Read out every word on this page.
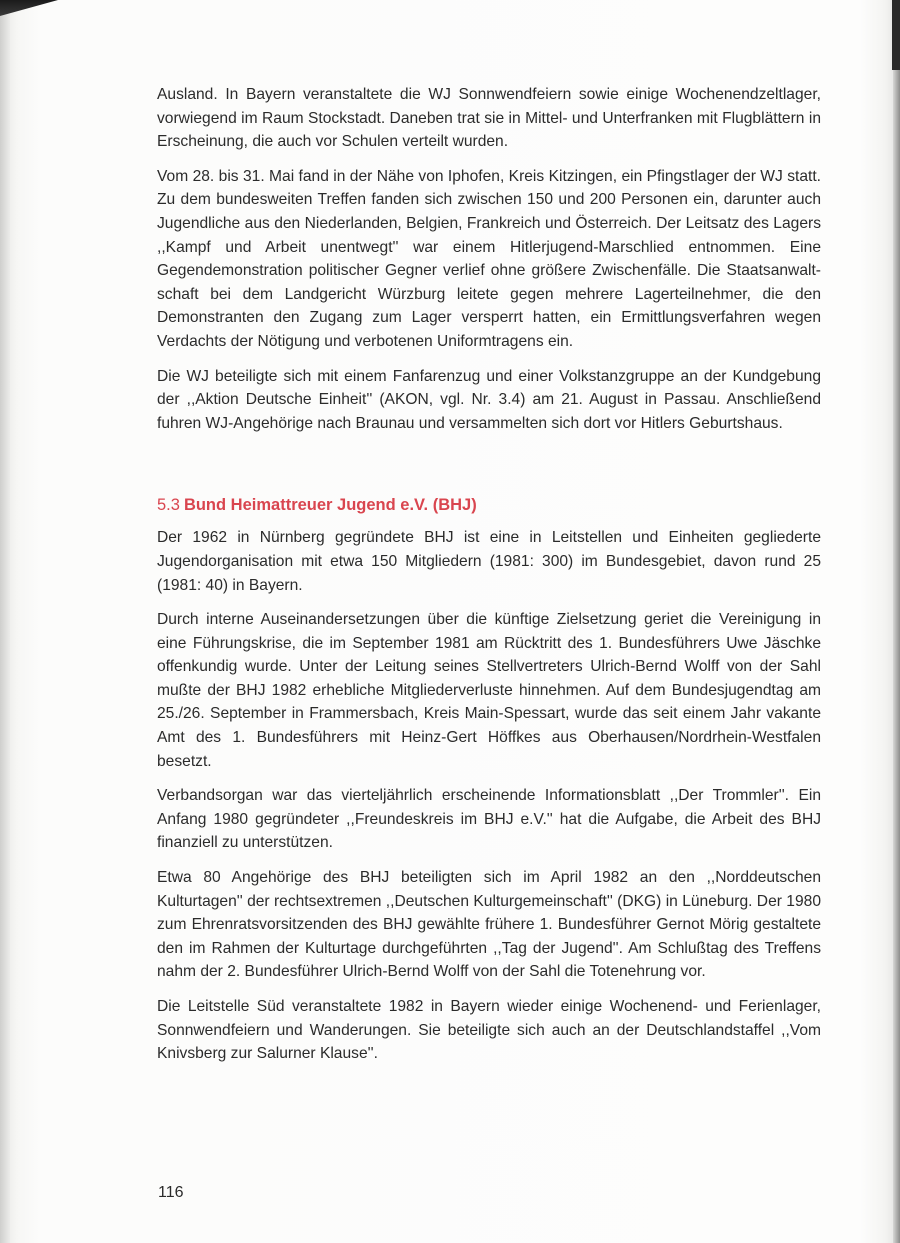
Ausland. In Bayern veranstaltete die WJ Sonnwendfeiern sowie einige Wochenendzeltlager, vorwiegend im Raum Stockstadt. Daneben trat sie in Mittel- und Unterfranken mit Flugblättern in Erscheinung, die auch vor Schulen verteilt wurden.

Vom 28. bis 31. Mai fand in der Nähe von Iphofen, Kreis Kitzingen, ein Pfingstlager der WJ statt. Zu dem bundesweiten Treffen fanden sich zwischen 150 und 200 Personen ein, darunter auch Jugendliche aus den Niederlanden, Belgien, Frankreich und Österreich. Der Leitsatz des Lagers ,,Kampf und Arbeit unentwegt'' war einem Hitlerjugend-Marschlied entnommen. Eine Gegendemonstration politischer Gegner verlief ohne größere Zwischenfälle. Die Staatsanwaltschaft bei dem Landgericht Würzburg leitete gegen mehrere Lagerteilnehmer, die den Demonstranten den Zugang zum Lager versperrt hatten, ein Ermittlungsverfahren wegen Verdachts der Nötigung und verbotenen Uniformtragens ein.

Die WJ beteiligte sich mit einem Fanfarenzug und einer Volkstanzgruppe an der Kundgebung der ,,Aktion Deutsche Einheit'' (AKON, vgl. Nr. 3.4) am 21. August in Passau. Anschließend fuhren WJ-Angehörige nach Braunau und versammelten sich dort vor Hitlers Geburtshaus.

5.3 Bund Heimattreuer Jugend e.V. (BHJ)

Der 1962 in Nürnberg gegründete BHJ ist eine in Leitstellen und Einheiten gegliederte Jugendorganisation mit etwa 150 Mitgliedern (1981: 300) im Bundesgebiet, davon rund 25 (1981: 40) in Bayern.

Durch interne Auseinandersetzungen über die künftige Zielsetzung geriet die Vereinigung in eine Führungskrise, die im September 1981 am Rücktritt des 1. Bundesführers Uwe Jäschke offenkundig wurde. Unter der Leitung seines Stellvertreters Ulrich-Bernd Wolff von der Sahl mußte der BHJ 1982 erhebliche Mitgliederverluste hinnehmen. Auf dem Bundesjugendtag am 25./26. September in Frammersbach, Kreis Main-Spessart, wurde das seit einem Jahr vakante Amt des 1. Bundesführers mit Heinz-Gert Höffkes aus Oberhausen/Nordrhein-Westfalen besetzt.

Verbandsorgan war das vierteljährlich erscheinende Informationsblatt ,,Der Trommler''. Ein Anfang 1980 gegründeter ,,Freundeskreis im BHJ e.V.'' hat die Aufgabe, die Arbeit des BHJ finanziell zu unterstützen.

Etwa 80 Angehörige des BHJ beteiligten sich im April 1982 an den ,,Norddeutschen Kulturtagen'' der rechtsextremen ,,Deutschen Kulturgemeinschaft'' (DKG) in Lüneburg. Der 1980 zum Ehrenratsvorsitzenden des BHJ gewählte frühere 1. Bundesführer Gernot Mörig gestaltete den im Rahmen der Kulturtage durchgeführten ,,Tag der Jugend''. Am Schlußtag des Treffens nahm der 2. Bundesführer Ulrich-Bernd Wolff von der Sahl die Totenehrung vor.

Die Leitstelle Süd veranstaltete 1982 in Bayern wieder einige Wochenend- und Ferienlager, Sonnwendfeiern und Wanderungen. Sie beteiligte sich auch an der Deutschlandstaffel ,,Vom Knivsberg zur Salurner Klause''.

116
